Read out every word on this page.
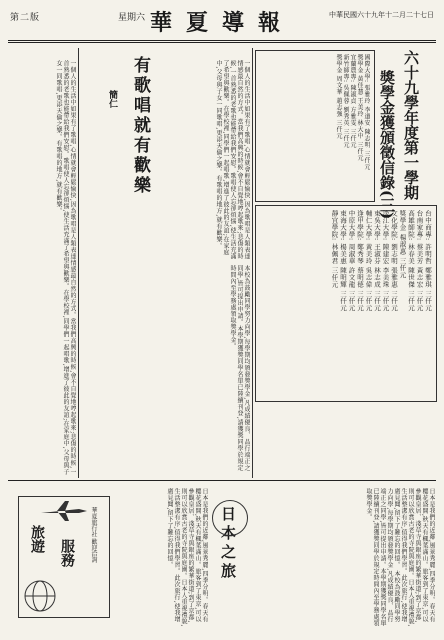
第二版	星期六 華夏導報	中華民國六十九年十二月二十七日
六十九學年度第一學期
獎學金獲頒徵信錄(三)
國際大學: 張雅玲 李道安 陳志明 三仟元
獎學金 黃佳慧 王美玲 林大中 三仟元
宜蘭農專: 陳淑貞 方雅雯 三仟元
新竹師專: 吳佩蓉 劉秀英 三仟元
獎學金 周文華 趙志強 三仟元
台中商專: 許明哲 鄭雅琪 三仟元
台南家專: 蔡美芳 黃志宏 三仟元
高雄師院: 林春美 陳世傑 三仟元
獎學金 楊淑惠 三仟元
文化學院: 劉志明 張雅惠 三仟元
淡江大學: 陳建宏 李美珠 三仟元
東吳大學: 王淑芬 林志成 三仟元
輔仁大學: 黃美玲 吳志偉 三仟元
逢甲學院: 鄭秀琴 蔡明德 三仟元
中原大學: 周淑華 許文龍 三仟元
東海大學: 楊美惠 陳明輝 三仟元
靜宜學院: 林佩君 三仟元
有歌唱就有歡樂
簡仁	一個人的生活中如果有了歌唱,心情就會輕鬆愉快,因為歌唱是人類表達情感最自然的方式。當我們高興的時候,會不自覺地哼起歌來;悲傷的時候,一首熟悉的老歌也能帶給我們安慰。歌唱使人忘卻煩惱,使生活充滿了希望與歡樂。在學校裡,同學們一起唱歌,增進了彼此的友誼;在家庭中,父母與子女一同歌唱,更添天倫之樂。有歌唱的地方,就有歡樂。
一個人的生活中如果有了歌唱,心情就會輕鬆愉快,因為歌唱是人類表達情感最自然的方式。當我們高興的時候,會不自覺地哼起歌來;悲傷的時候,一首熟悉的老歌也能帶給我們安慰。歌唱使人忘卻煩惱,使生活充滿了希望與歡樂。在學校裡,同學們一起唱歌,增進了彼此的友誼;在家庭中,父母與子女一同歌唱,更添天倫之樂。有歌唱的地方,就有歡樂。
本校為鼓勵同學努力向學,每學期均頒發獎學金,凡成績優良、品行端正之同學,皆可提出申請。本學期獲獎同學名單已陸續刊登,請獲獎同學於規定時間內至學務處領取獎學金。
日本之旅
日本是我們的近鄰,風景秀麗,四季分明。春天有櫻花盛開,秋天有楓葉滿山。旅客到了東京,可以參觀皇居、淺草寺與銀座的繁華街道;到了京都,則可以欣賞古老的寺院與庭園。日本人重視禮貌,生活整潔有序,值得我們學習。此次旅行,使我增廣見聞,留下了難忘的回憶。	日本是我們的近鄰,風景秀麗,四季分明。春天有櫻花盛開,秋天有楓葉滿山。旅客到了東京,可以參觀皇居、淺草寺與銀座的繁華街道;到了京都,則可以欣賞古老的寺院與庭園。日本人重視禮貌,生活整潔有序,值得我們學習。此次旅行,使我增廣見聞,留下了難忘的回憶。 本校為鼓勵同學努力向學,每學期均頒發獎學金,凡成績優良、品行端正之同學,皆可提出申請。本學期獲獎同學名單已陸續刊登,請獲獎同學於規定時間內至學務處領取獎學金。
旅遊 服務	華夏旅行社 歡迎洽詢
